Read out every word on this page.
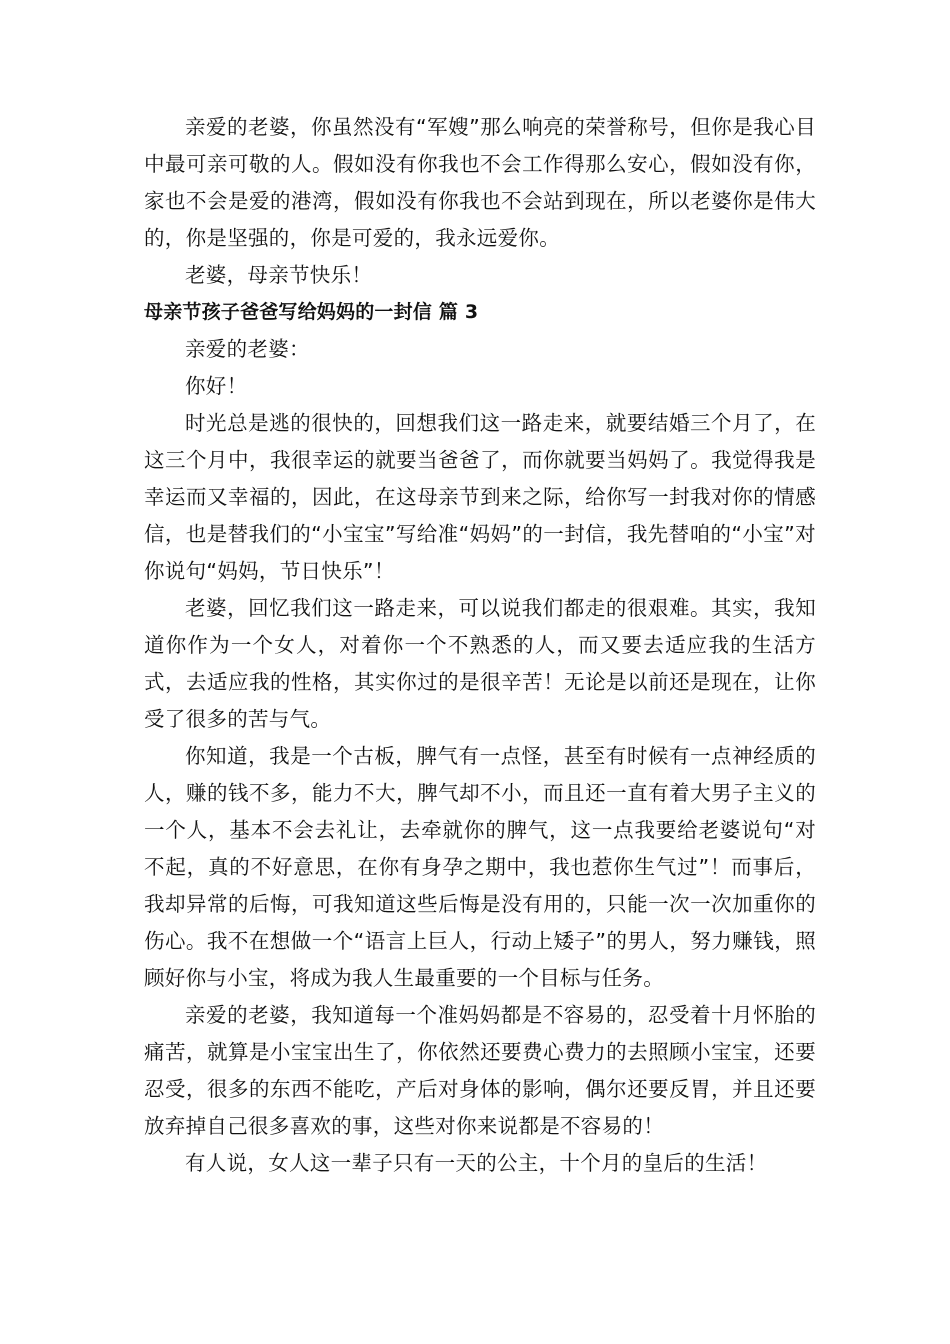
亲爱的老婆，你虽然没有“军嫂”那么响亮的荣誉称号，但你是我心目中最可亲可敬的人。假如没有你我也不会工作得那么安心，假如没有你，家也不会是爱的港湾，假如没有你我也不会站到现在，所以老婆你是伟大的，你是坚强的，你是可爱的，我永远爱你。

老婆，母亲节快乐！

母亲节孩子爸爸写给妈妈的一封信 篇 3

亲爱的老婆：

你好！

时光总是逃的很快的，回想我们这一路走来，就要结婚三个月了，在这三个月中，我很幸运的就要当爸爸了，而你就要当妈妈了。我觉得我是幸运而又幸福的，因此，在这母亲节到来之际，给你写一封我对你的情感信，也是替我们的“小宝宝”写给准“妈妈”的一封信，我先替咱的“小宝”对你说句“妈妈，节日快乐”！

老婆，回忆我们这一路走来，可以说我们都走的很艰难。其实，我知道你作为一个女人，对着你一个不熟悉的人，而又要去适应我的生活方式，去适应我的性格，其实你过的是很辛苦！无论是以前还是现在，让你受了很多的苦与气。

你知道，我是一个古板，脾气有一点怪，甚至有时候有一点神经质的人，赚的钱不多，能力不大，脾气却不小，而且还一直有着大男子主义的一个人，基本不会去礼让，去牵就你的脾气，这一点我要给老婆说句“对不起，真的不好意思，在你有身孕之期中，我也惹你生气过”！而事后，我却异常的后悔，可我知道这些后悔是没有用的，只能一次一次加重你的伤心。我不在想做一个“语言上巨人，行动上矮子”的男人，努力赚钱，照顾好你与小宝，将成为我人生最重要的一个目标与任务。

亲爱的老婆，我知道每一个准妈妈都是不容易的，忍受着十月怀胎的痛苦，就算是小宝宝出生了，你依然还要费心费力的去照顾小宝宝，还要忍受，很多的东西不能吃，产后对身体的影响，偶尔还要反胃，并且还要放弃掉自己很多喜欢的事，这些对你来说都是不容易的！

有人说，女人这一辈子只有一天的公主，十个月的皇后的生活！
